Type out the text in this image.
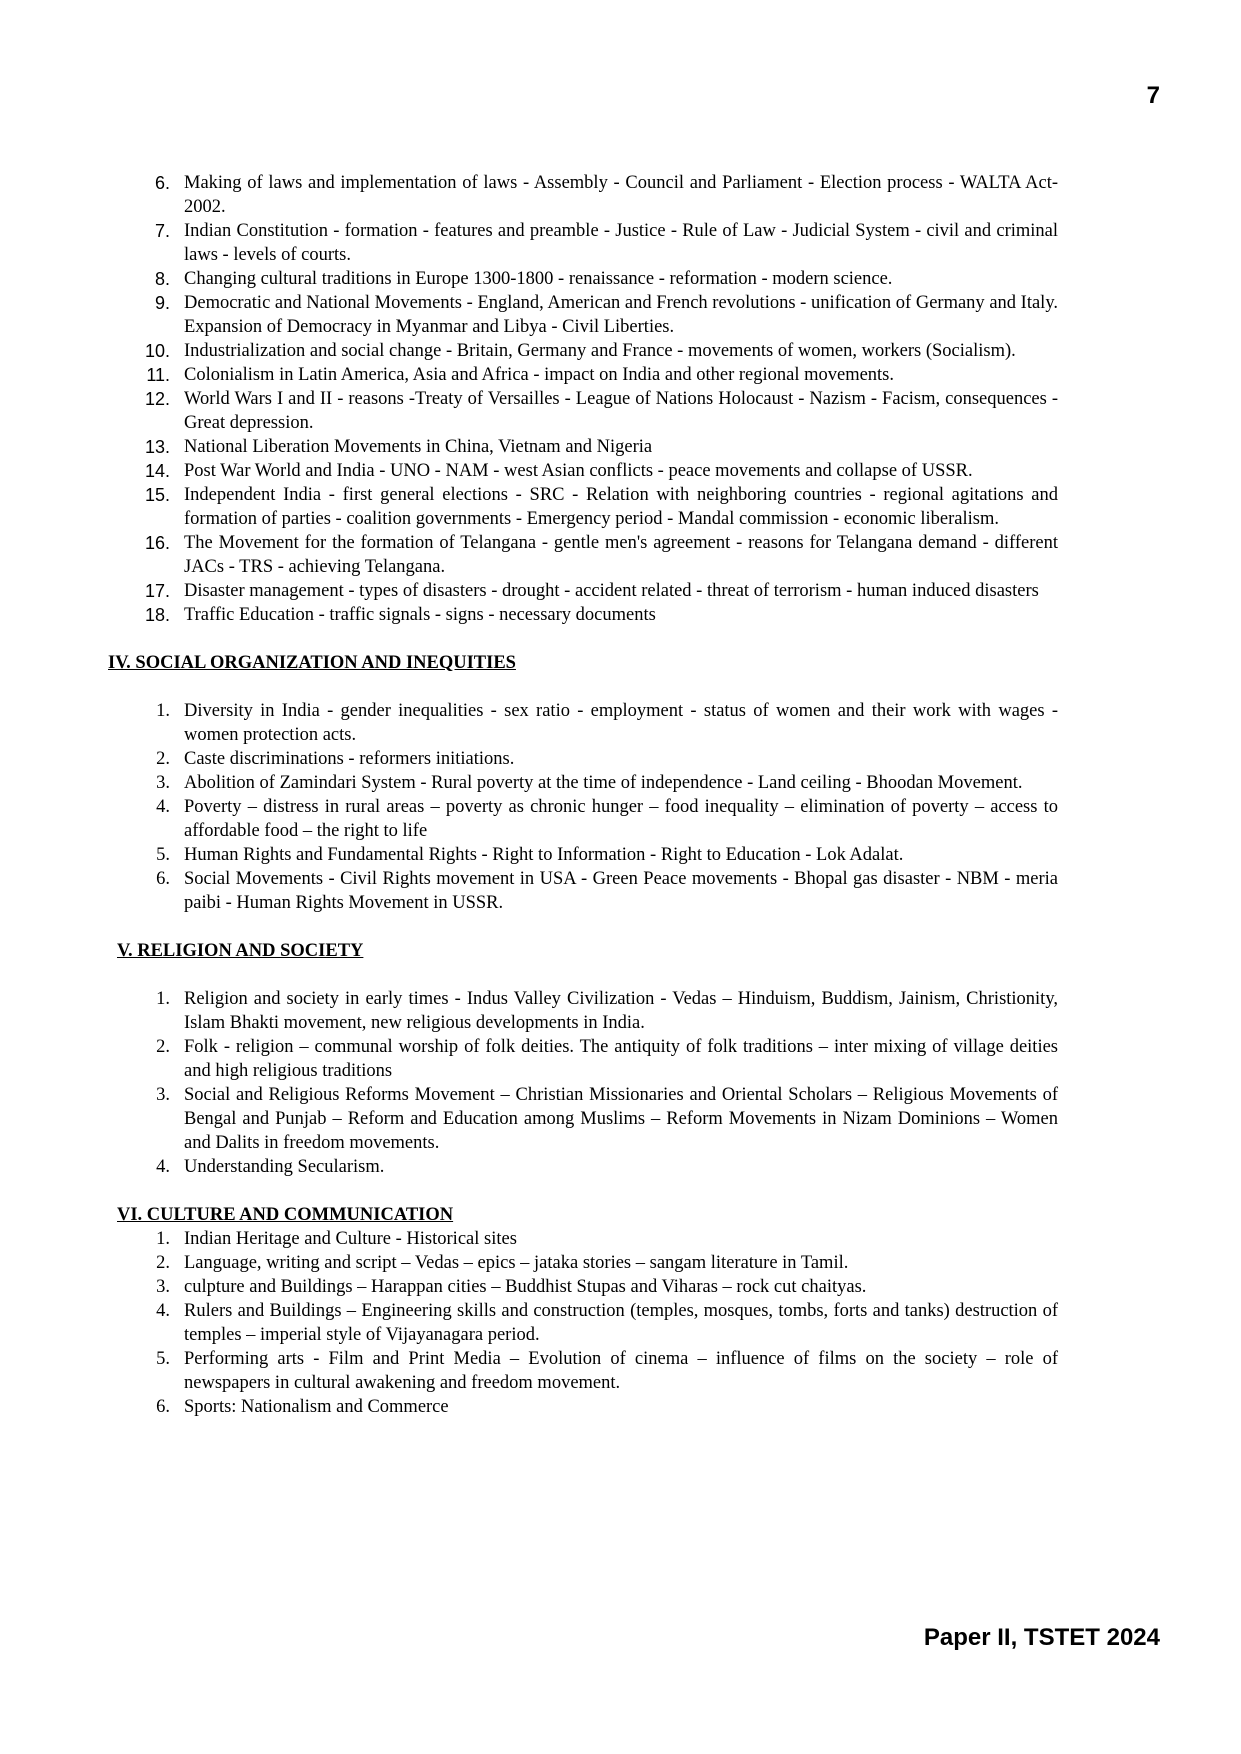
7
6. Making of laws and implementation of laws - Assembly - Council and Parliament - Election process - WALTA Act-2002.
7. Indian Constitution - formation - features and preamble - Justice - Rule of Law - Judicial System - civil and criminal laws - levels of courts.
8. Changing cultural traditions in Europe 1300-1800 - renaissance - reformation - modern science.
9. Democratic and National Movements - England, American and French revolutions - unification of Germany and Italy. Expansion of Democracy in Myanmar and Libya - Civil Liberties.
10. Industrialization and social change - Britain, Germany and France - movements of women, workers (Socialism).
11. Colonialism in Latin America, Asia and Africa - impact on India and other regional movements.
12. World Wars I and II - reasons -Treaty of Versailles - League of Nations Holocaust - Nazism - Facism, consequences - Great depression.
13. National Liberation Movements in China, Vietnam and Nigeria
14. Post War World and India - UNO - NAM - west Asian conflicts - peace movements and collapse of USSR.
15. Independent India - first general elections - SRC - Relation with neighboring countries - regional agitations and formation of parties - coalition governments - Emergency period - Mandal commission - economic liberalism.
16. The Movement for the formation of Telangana - gentle men's agreement - reasons for Telangana demand - different JACs - TRS - achieving Telangana.
17. Disaster management - types of disasters - drought - accident related - threat of terrorism - human induced disasters
18. Traffic Education - traffic signals - signs - necessary documents
IV. SOCIAL ORGANIZATION AND INEQUITIES
1. Diversity in India - gender inequalities - sex ratio - employment - status of women and their work with wages - women protection acts.
2. Caste discriminations - reformers initiations.
3. Abolition of Zamindari System - Rural poverty at the time of independence - Land ceiling - Bhoodan Movement.
4. Poverty – distress in rural areas – poverty as chronic hunger – food inequality – elimination of poverty – access to affordable food – the right to life
5. Human Rights and Fundamental Rights - Right to Information - Right to Education - Lok Adalat.
6. Social Movements - Civil Rights movement in USA - Green Peace movements - Bhopal gas disaster - NBM - meria paibi - Human Rights Movement in USSR.
V. RELIGION AND SOCIETY
1. Religion and society in early times - Indus Valley Civilization - Vedas – Hinduism, Buddism, Jainism, Christionity, Islam Bhakti movement, new religious developments in India.
2. Folk - religion – communal worship of folk deities. The antiquity of folk traditions – inter mixing of village deities and high religious traditions
3. Social and Religious Reforms Movement – Christian Missionaries and Oriental Scholars – Religious Movements of Bengal and Punjab – Reform and Education among Muslims – Reform Movements in Nizam Dominions – Women and Dalits in freedom movements.
4. Understanding Secularism.
VI. CULTURE AND COMMUNICATION
1. Indian Heritage and Culture - Historical sites
2. Language, writing and script – Vedas – epics – jataka stories – sangam literature in Tamil.
3. culpture and Buildings – Harappan cities – Buddhist Stupas and Viharas – rock cut chaityas.
4. Rulers and Buildings – Engineering skills and construction (temples, mosques, tombs, forts and tanks) destruction of temples – imperial style of Vijayanagara period.
5. Performing arts - Film and Print Media – Evolution of cinema – influence of films on the society – role of newspapers in cultural awakening and freedom movement.
6. Sports: Nationalism and Commerce
Paper II, TSTET 2024
